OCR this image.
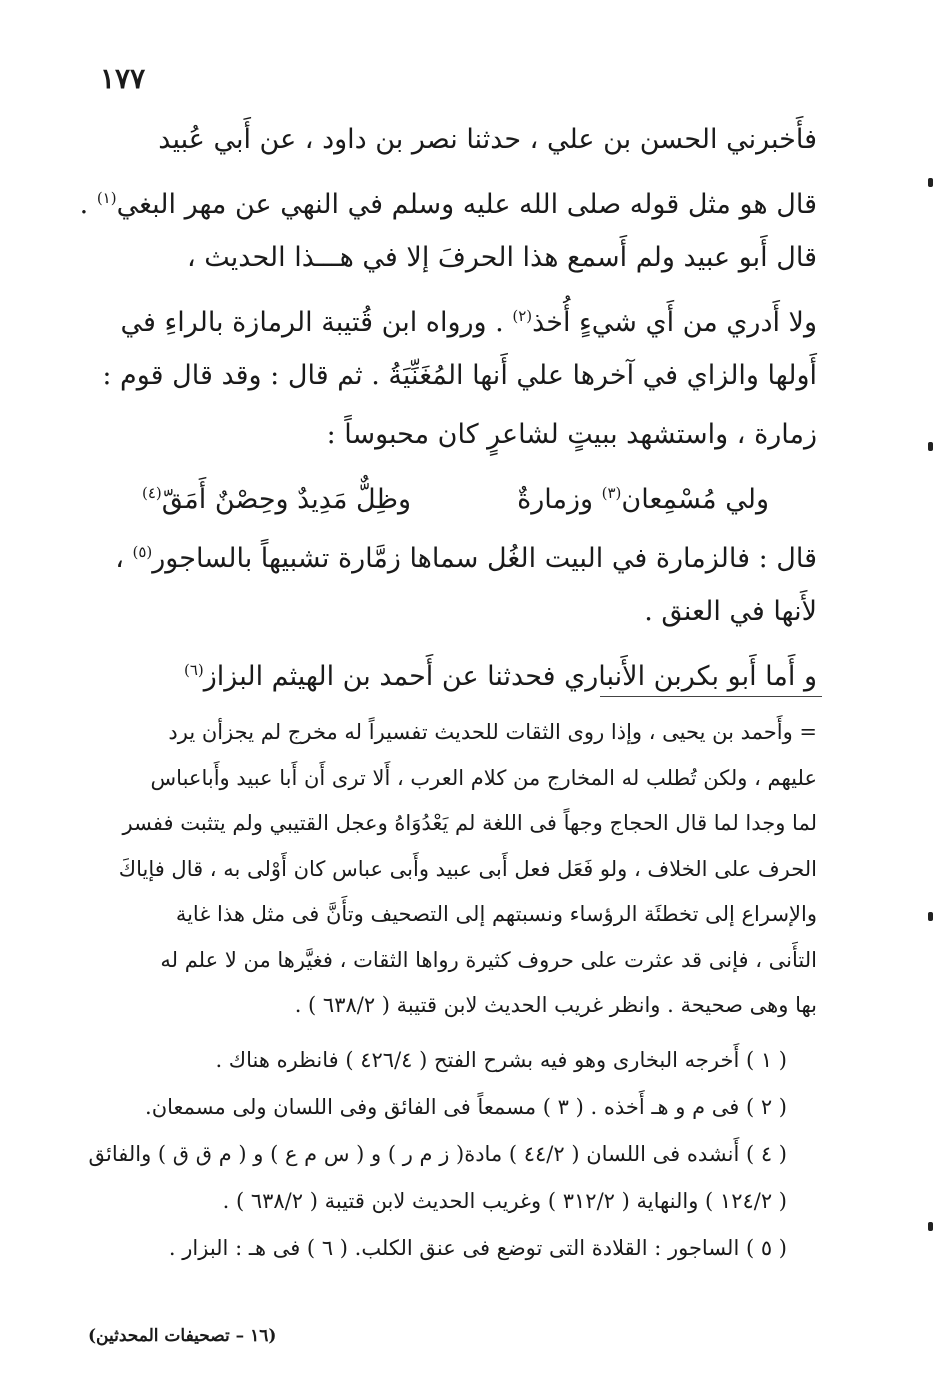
١٧٧
فأَخبرني الحسن بن علي ، حدثنا نصر بن داود ، عن أَبي عُبيد
قال هو مثل قوله صلى الله عليه وسلم في النهي عن مهر البغي$^{(١)}$ .
قال أَبو عبيد ولم أَسمع هذا الحرفَ إلا في هـــذا الحديث ،
ولا أَدري من أَي شيءٍ أُخذ$^{(٢)}$ . ورواه ابن قُتيبة الرمازة بالراءِ في
أَولها والزاي في آخرها علي أَنها المُغَنِّيَةُ . ثم قال : وقد قال قوم :
زمارة ، واستشهد ببيتٍ لشاعرٍ كان محبوساً :
ولي مُسْمِعان$^{(٣)}$ وزمارةٌ
وظِلٌّ مَدِيدٌ وحِصْنٌ أَمَقّ$^{(٤)}$
قال : فالزمارة في البيت الغُل سماها زمَّارة تشبيهاً بالساجور$^{(٥)}$ ،
لأَنها في العنق .
و أَما أَبو بكربن الأَنباري فحدثنا عن أَحمد بن الهيثم البزاز$^{(٦)}$
= وأَحمد بن يحيى ، وإذا روى الثقات للحديث تفسيراً له مخرج لم يجزأن يرد
عليهم ، ولكن تُطلب له المخارج من كلام العرب ، أَلا ترى أَن أَبا عبيد وأَباعباس
لما وجدا لما قال الحجاج وجهاً فى اللغة لم يَعْدُوَاهُ وعجل القتيبي ولم يتثبت ففسر
الحرف على الخلاف ، ولو فَعَل فعل أَبى عبيد وأَبى عباس كان أَوْلى به ، قال فإياكَ
والإسراع إلى تخطئَة الرؤساء ونسبتهم إلى التصحيف وتأَنَّ فى مثل هذا غاية
التأَنى ، فإنى قد عثرت على حروف كثيرة رواها الثقات ، فغيَّرها من لا علم له
بها وهى صحيحة . وانظر غريب الحديث لابن قتيبة ( ٦٣٨/٢ ) .
( ١ ) أَخرجه البخارى وهو فيه بشرح الفتح ( ٤٢٦/٤ ) فانظره هناك .
( ٢ ) فى م و هـ أَخذه . ( ٣ ) مسمعاً فى الفائق وفى اللسان ولى مسمعان.
( ٤ ) أَنشده فى اللسان ( ٤٤/٢ ) مادة( ز م ر ) و ( س م ع ) و ( م ق ق ) والفائق
( ١٢٤/٢ ) والنهاية ( ٣١٢/٢ ) وغريب الحديث لابن قتيبة ( ٦٣٨/٢ ) .
( ٥ ) الساجور : القلادة التى توضع فى عنق الكلب. ( ٦ ) فى هـ : البزار .
(١٦ – تصحيفات المحدثين)
